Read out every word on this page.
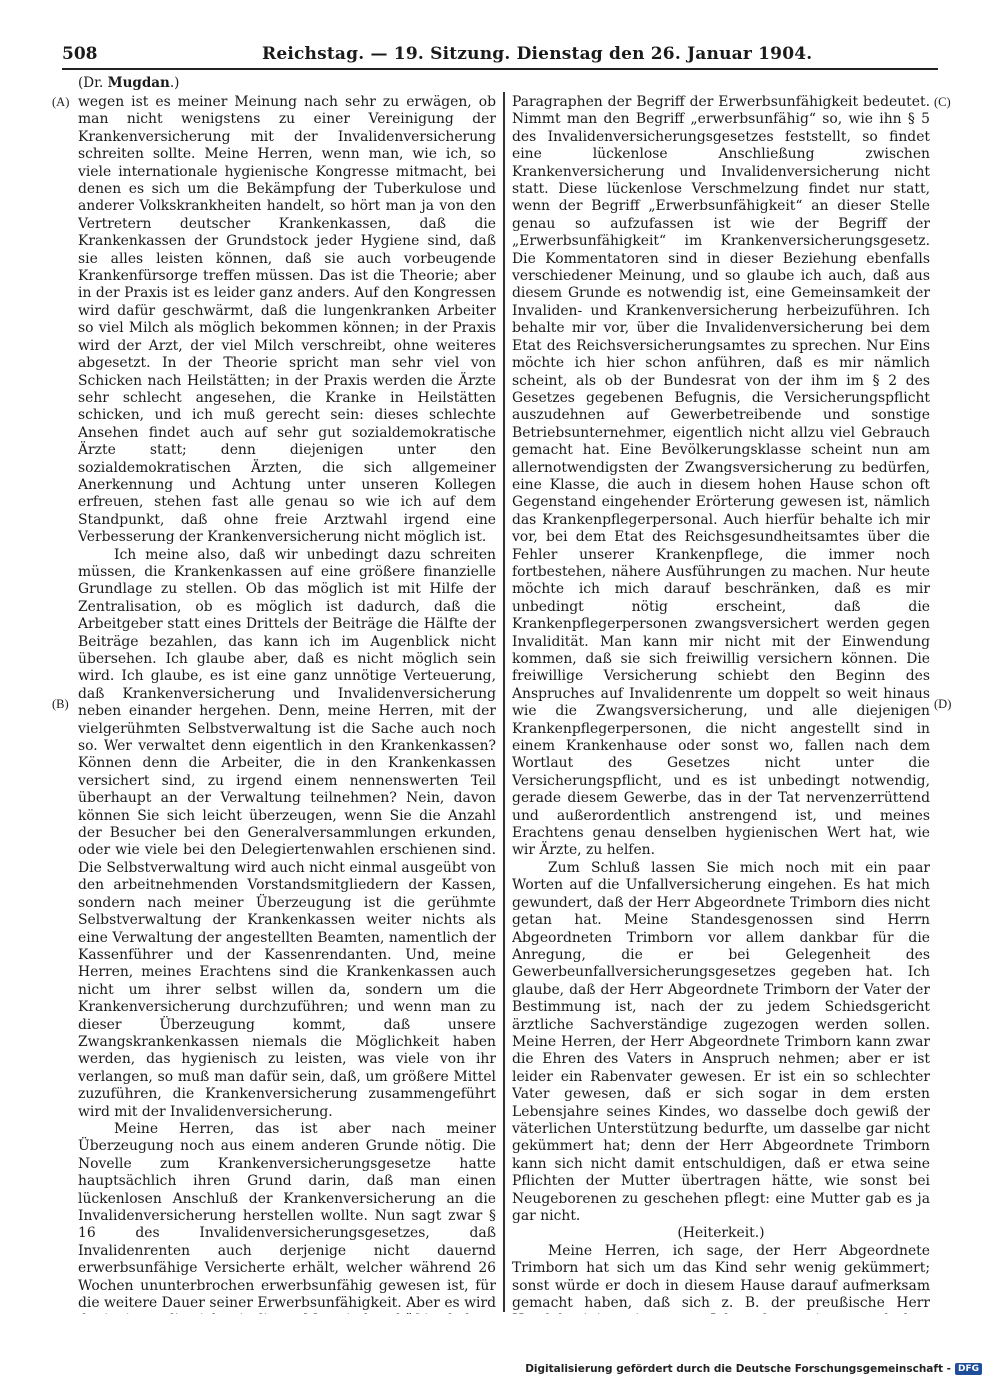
508	Reichstag. — 19. Sitzung. Dienstag den 26. Januar 1904.
(Dr. Mugdan.)
(A)
(B)
(C)
(D)

wegen ist es meiner Meinung nach sehr zu erwägen, ob man nicht wenigstens zu einer Vereinigung der Krankenversicherung mit der Invalidenversicherung schreiten sollte. Meine Herren, wenn man, wie ich, so viele internationale hygienische Kongresse mitmacht, bei denen es sich um die Bekämpfung der Tuberkulose und anderer Volkskrankheiten handelt, so hört man ja von den Vertretern deutscher Krankenkassen, daß die Krankenkassen der Grundstock jeder Hygiene sind, daß sie alles leisten können, daß sie auch vorbeugende Krankenfürsorge treffen müssen. Das ist die Theorie; aber in der Praxis ist es leider ganz anders. Auf den Kongressen wird dafür geschwärmt, daß die lungenkranken Arbeiter so viel Milch als möglich bekommen können; in der Praxis wird der Arzt, der viel Milch verschreibt, ohne weiteres abgesetzt. In der Theorie spricht man sehr viel von Schicken nach Heilstätten; in der Praxis werden die Ärzte sehr schlecht angesehen, die Kranke in Heilstätten schicken, und ich muß gerecht sein: dieses schlechte Ansehen findet auch auf sehr gut sozialdemokratische Ärzte statt; denn diejenigen unter den sozialdemokratischen Ärzten, die sich allgemeiner Anerkennung und Achtung unter unseren Kollegen erfreuen, stehen fast alle genau so wie ich auf dem Standpunkt, daß ohne freie Arztwahl irgend eine Verbesserung der Krankenversicherung nicht möglich ist.

Ich meine also, daß wir unbedingt dazu schreiten müssen, die Krankenkassen auf eine größere finanzielle Grundlage zu stellen. Ob das möglich ist mit Hilfe der Zentralisation, ob es möglich ist dadurch, daß die Arbeitgeber statt eines Drittels der Beiträge die Hälfte der Beiträge bezahlen, das kann ich im Augenblick nicht übersehen. Ich glaube aber, daß es nicht möglich sein wird. Ich glaube, es ist eine ganz unnötige Verteuerung, daß Krankenversicherung und Invalidenversicherung neben einander hergehen. Denn, meine Herren, mit der vielgerühmten Selbstverwaltung ist die Sache auch noch so. Wer verwaltet denn eigentlich in den Krankenkassen? Können denn die Arbeiter, die in den Krankenkassen versichert sind, zu irgend einem nennenswerten Teil überhaupt an der Verwaltung teilnehmen? Nein, davon können Sie sich leicht überzeugen, wenn Sie die Anzahl der Besucher bei den Generalversammlungen erkunden, oder wie viele bei den Delegiertenwahlen erschienen sind. Die Selbstverwaltung wird auch nicht einmal ausgeübt von den arbeitnehmenden Vorstandsmitgliedern der Kassen, sondern nach meiner Überzeugung ist die gerühmte Selbstverwaltung der Krankenkassen weiter nichts als eine Verwaltung der angestellten Beamten, namentlich der Kassenführer und der Kassenrendanten. Und, meine Herren, meines Erachtens sind die Krankenkassen auch nicht um ihrer selbst willen da, sondern um die Krankenversicherung durchzuführen; und wenn man zu dieser Überzeugung kommt, daß unsere Zwangskrankenkassen niemals die Möglichkeit haben werden, das hygienisch zu leisten, was viele von ihr verlangen, so muß man dafür sein, daß, um größere Mittel zuzuführen, die Krankenversicherung zusammengeführt wird mit der Invalidenversicherung.

Meine Herren, das ist aber nach meiner Überzeugung noch aus einem anderen Grunde nötig. Die Novelle zum Krankenversicherungsgesetze hatte hauptsächlich ihren Grund darin, daß man einen lückenlosen Anschluß der Krankenversicherung an die Invalidenversicherung herstellen wollte. Nun sagt zwar § 16 des Invalidenversicherungsgesetzes, daß Invalidenrenten auch derjenige nicht dauernd erwerbsunfähige Versicherte erhält, welcher während 26 Wochen ununterbrochen erwerbsunfähig gewesen ist, für die weitere Dauer seiner Erwerbsunfähigkeit. Aber es wird

Paragraphen der Begriff der Erwerbsunfähigkeit bedeutet. Nimmt man den Begriff „erwerbsunfähig“ so, wie ihn § 5 des Invalidenversicherungsgesetzes feststellt, so findet eine lückenlose Anschließung zwischen Krankenversicherung und Invalidenversicherung nicht statt. Diese lückenlose Verschmelzung findet nur statt, wenn der Begriff „Erwerbsunfähigkeit“ an dieser Stelle genau so aufzufassen ist wie der Begriff der „Erwerbsunfähigkeit“ im Krankenversicherungsgesetz. Die Kommentatoren sind in dieser Beziehung ebenfalls verschiedener Meinung, und so glaube ich auch, daß aus diesem Grunde es notwendig ist, eine Gemeinsamkeit der Invaliden- und Krankenversicherung herbeizuführen. Ich behalte mir vor, über die Invalidenversicherung bei dem Etat des Reichsversicherungsamtes zu sprechen. Nur Eins möchte ich hier schon anführen, daß es mir nämlich scheint, als ob der Bundesrat von der ihm im § 2 des Gesetzes gegebenen Befugnis, die Versicherungspflicht auszudehnen auf Gewerbetreibende und sonstige Betriebsunternehmer, eigentlich nicht allzu viel Gebrauch gemacht hat. Eine Bevölkerungsklasse scheint nun am allernotwendigsten der Zwangsversicherung zu bedürfen, eine Klasse, die auch in diesem hohen Hause schon oft Gegenstand eingehender Erörterung gewesen ist, nämlich das Krankenpflegerpersonal. Auch hierfür behalte ich mir vor, bei dem Etat des Reichsgesundheitsamtes über die Fehler unserer Krankenpflege, die immer noch fortbestehen, nähere Ausführungen zu machen. Nur heute möchte ich mich darauf beschränken, daß es mir unbedingt nötig erscheint, daß die Krankenpflegerpersonen zwangsversichert werden gegen Invalidität. Man kann mir nicht mit der Einwendung kommen, daß sie sich freiwillig versichern können. Die freiwillige Versicherung schiebt den Beginn des Anspruches auf Invalidenrente um doppelt so weit hinaus wie die Zwangsversicherung, und alle diejenigen Krankenpflegerpersonen, die nicht angestellt sind in einem Krankenhause oder sonst wo, fallen nach dem Wortlaut des Gesetzes nicht unter die Versicherungspflicht, und es ist unbedingt notwendig, gerade diesem Gewerbe, das in der Tat nervenzerrüttend und außerordentlich anstrengend ist, und meines Erachtens genau denselben hygienischen Wert hat, wie wir Ärzte, zu helfen.

Zum Schluß lassen Sie mich noch mit ein paar Worten auf die Unfallversicherung eingehen. Es hat mich gewundert, daß der Herr Abgeordnete Trimborn dies nicht getan hat. Meine Standesgenossen sind Herrn Abgeordneten Trimborn vor allem dankbar für die Anregung, die er bei Gelegenheit des Gewerbeunfallversicherungsgesetzes gegeben hat. Ich glaube, daß der Herr Abgeordnete Trimborn der Vater der Bestimmung ist, nach der zu jedem Schiedsgericht ärztliche Sachverständige zugezogen werden sollen. Meine Herren, der Herr Abgeordnete Trimborn kann zwar die Ehren des Vaters in Anspruch nehmen; aber er ist leider ein Rabenvater gewesen. Er ist ein so schlechter Vater gewesen, daß er sich sogar in dem ersten Lebensjahre seines Kindes, wo dasselbe doch gewiß der väterlichen Unterstützung bedurfte, um dasselbe gar nicht gekümmert hat; denn der Herr Abgeordnete Trimborn kann sich nicht damit entschuldigen, daß er etwa seine Pflichten der Mutter übertragen hätte, wie sonst bei Neugeborenen zu geschehen pflegt: eine Mutter gab es ja gar nicht.

(Heiterkeit.)

Meine Herren, ich sage, der Herr Abgeordnete Trimborn hat sich um das Kind sehr wenig gekümmert; sonst würde er doch in diesem Hause darauf aufmerksam gemacht haben, daß sich z. B. der preußische Herr

Digitalisierung gefördert durch die Deutsche Forschungsgemeinschaft - DFG
